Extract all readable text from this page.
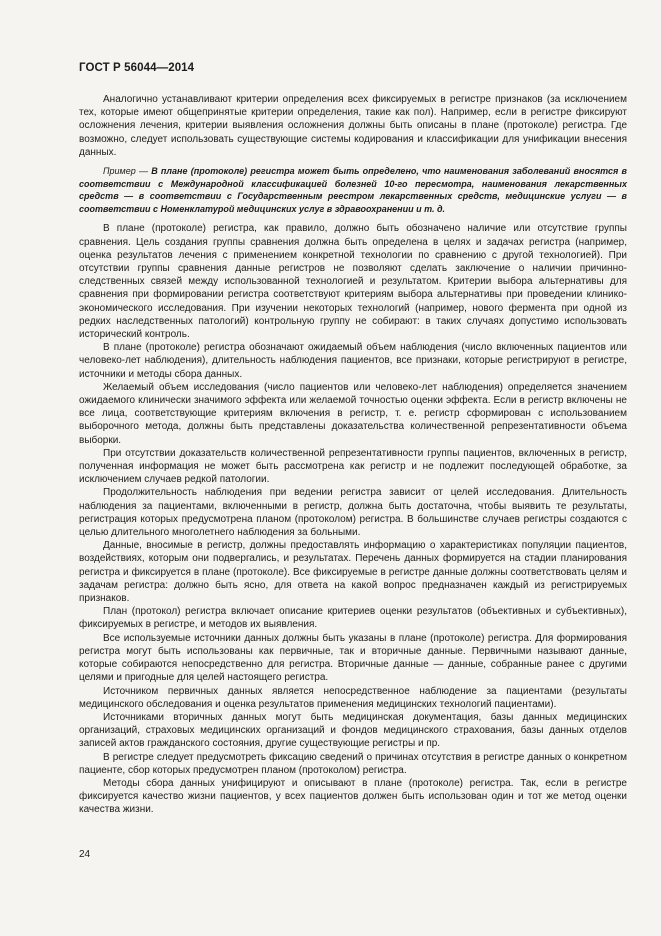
ГОСТ Р 56044—2014

Аналогично устанавливают критерии определения всех фиксируемых в регистре признаков (за исключением тех, которые имеют общепринятые критерии определения, такие как пол). Например, если в регистре фиксируют осложнения лечения, критерии выявления осложнения должны быть описаны в плане (протоколе) регистра. Где возможно, следует использовать существующие системы кодирования и классификации для унификации внесения данных.

Пример — В плане (протоколе) регистра может быть определено, что наименования заболеваний вносятся в соответствии с Международной классификацией болезней 10-го пересмотра, наименования лекарственных средств — в соответствии с Государственным реестром лекарственных средств, медицинские услуги — в соответствии с Номенклатурой медицинских услуг в здравоохранении и т. д.

В плане (протоколе) регистра, как правило, должно быть обозначено наличие или отсутствие группы сравнения. Цель создания группы сравнения должна быть определена в целях и задачах регистра (например, оценка результатов лечения с применением конкретной технологии по сравнению с другой технологией). При отсутствии группы сравнения данные регистров не позволяют сделать заключение о наличии причинно-следственных связей между использованной технологией и результатом. Критерии выбора альтернативы для сравнения при формировании регистра соответствуют критериям выбора альтернативы при проведении клинико-экономического исследования. При изучении некоторых технологий (например, нового фермента при одной из редких наследственных патологий) контрольную группу не собирают: в таких случаях допустимо использовать исторический контроль.

В плане (протоколе) регистра обозначают ожидаемый объем наблюдения (число включенных пациентов или человеко-лет наблюдения), длительность наблюдения пациентов, все признаки, которые регистрируют в регистре, источники и методы сбора данных.

Желаемый объем исследования (число пациентов или человеко-лет наблюдения) определяется значением ожидаемого клинически значимого эффекта или желаемой точностью оценки эффекта. Если в регистр включены не все лица, соответствующие критериям включения в регистр, т. е. регистр сформирован с использованием выборочного метода, должны быть представлены доказательства количественной репрезентативности объема выборки.

При отсутствии доказательств количественной репрезентативности группы пациентов, включенных в регистр, полученная информация не может быть рассмотрена как регистр и не подлежит последующей обработке, за исключением случаев редкой патологии.

Продолжительность наблюдения при ведении регистра зависит от целей исследования. Длительность наблюдения за пациентами, включенными в регистр, должна быть достаточна, чтобы выявить те результаты, регистрация которых предусмотрена планом (протоколом) регистра. В большинстве случаев регистры создаются с целью длительного многолетнего наблюдения за больными.

Данные, вносимые в регистр, должны предоставлять информацию о характеристиках популяции пациентов, воздействиях, которым они подвергались, и результатах. Перечень данных формируется на стадии планирования регистра и фиксируется в плане (протоколе). Все фиксируемые в регистре данные должны соответствовать целям и задачам регистра: должно быть ясно, для ответа на какой вопрос предназначен каждый из регистрируемых признаков.

План (протокол) регистра включает описание критериев оценки результатов (объективных и субъективных), фиксируемых в регистре, и методов их выявления.

Все используемые источники данных должны быть указаны в плане (протоколе) регистра. Для формирования регистра могут быть использованы как первичные, так и вторичные данные. Первичными называют данные, которые собираются непосредственно для регистра. Вторичные данные — данные, собранные ранее с другими целями и пригодные для целей настоящего регистра.

Источником первичных данных является непосредственное наблюдение за пациентами (результаты медицинского обследования и оценка результатов применения медицинских технологий пациентами).

Источниками вторичных данных могут быть медицинская документация, базы данных медицинских организаций, страховых медицинских организаций и фондов медицинского страхования, базы данных отделов записей актов гражданского состояния, другие существующие регистры и пр.

В регистре следует предусмотреть фиксацию сведений о причинах отсутствия в регистре данных о конкретном пациенте, сбор которых предусмотрен планом (протоколом) регистра.

Методы сбора данных унифицируют и описывают в плане (протоколе) регистра. Так, если в регистре фиксируется качество жизни пациентов, у всех пациентов должен быть использован один и тот же метод оценки качества жизни.

24
